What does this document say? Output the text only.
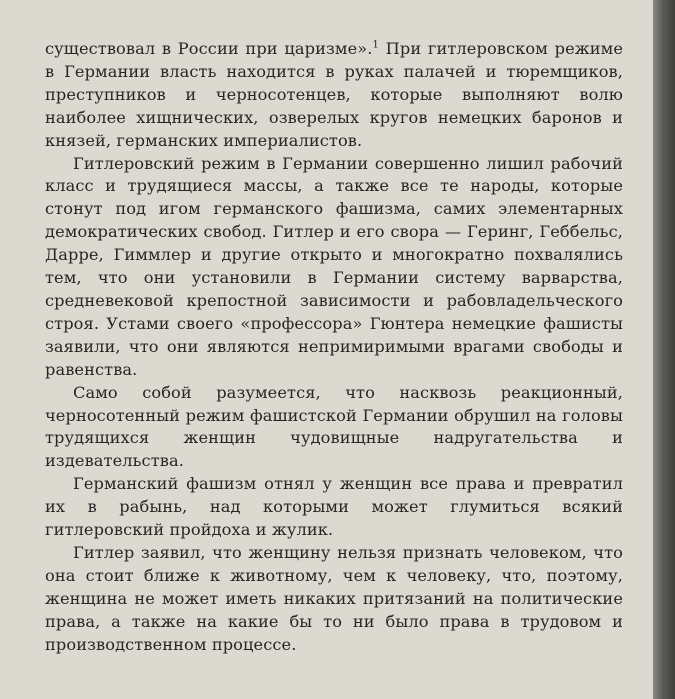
существовал в России при царизме».$^1$ При гитлеровском режиме в Германии власть находится в руках палачей и тюремщиков, преступников и черносотенцев, которые выполняют волю наиболее хищнических, озверелых кругов немецких баронов и князей, германских империалистов.

Гитлеровский режим в Германии совершенно лишил рабочий класс и трудящиеся массы, а также все те народы, которые стонут под игом германского фашизма, самих элементарных демократических свобод. Гитлер и его свора — Геринг, Геббельс, Дарре, Гиммлер и другие открыто и многократно похвалялись тем, что они установили в Германии систему варварства, средневековой крепостной зависимости и рабовладельческого строя. Устами своего «профессора» Гюнтера немецкие фашисты заявили, что они являются непримиримыми врагами свободы и равенства.

Само собой разумеется, что насквозь реакционный, черносотенный режим фашистской Германии обрушил на головы трудящихся женщин чудовищные надругательства и издевательства.

Германский фашизм отнял у женщин все права и превратил их в рабынь, над которыми может глумиться всякий гитлеровский пройдоха и жулик.

Гитлер заявил, что женщину нельзя признать человеком, что она стоит ближе к животному, чем к человеку, что, поэтому, женщина не может иметь никаких притязаний на политические права, а также на какие бы то ни было права в трудовом и производственном процессе.
